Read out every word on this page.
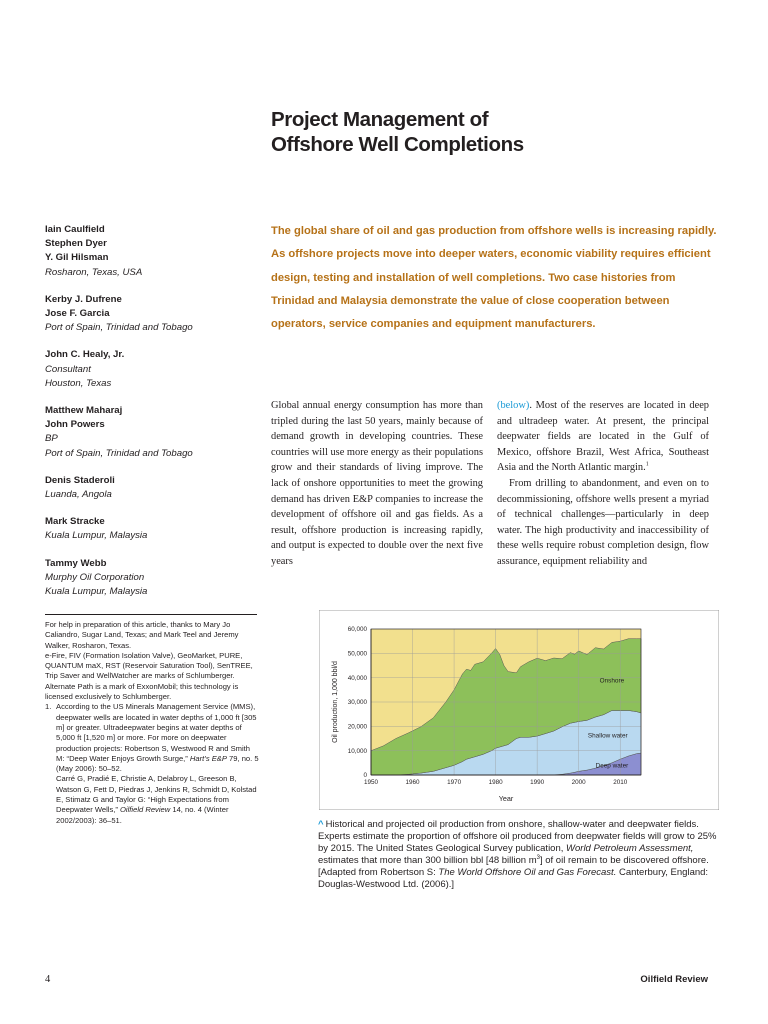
Project Management of
Offshore Well Completions
Iain Caulfield
Stephen Dyer
Y. Gil Hilsman
Rosharon, Texas, USA
Kerby J. Dufrene
Jose F. Garcia
Port of Spain, Trinidad and Tobago
John C. Healy, Jr.
Consultant
Houston, Texas
Matthew Maharaj
John Powers
BP
Port of Spain, Trinidad and Tobago
Denis Staderoli
Luanda, Angola
Mark Stracke
Kuala Lumpur, Malaysia
Tammy Webb
Murphy Oil Corporation
Kuala Lumpur, Malaysia

For help in preparation of this article, thanks to Mary Jo Caliandro, Sugar Land, Texas; and Mark Teel and Jeremy Walker, Rosharon, Texas.

e-Fire, FIV (Formation Isolation Valve), GeoMarket, PURE, QUANTUM maX, RST (Reservoir Saturation Tool), SenTREE, Trip Saver and WellWatcher are marks of Schlumberger.

Alternate Path is a mark of ExxonMobil; this technology is licensed exclusively to Schlumberger.

1. According to the US Minerals Management Service (MMS), deepwater wells are located in water depths of 1,000 ft [305 m] or greater. Ultradeepwater begins at water depths of 5,000 ft [1,520 m] or more. For more on deepwater production projects: Robertson S, Westwood R and Smith M: “Deep Water Enjoys Growth Surge,” Hart’s E&P 79, no. 5 (May 2006): 50–52.

Carré G, Pradié E, Christie A, Delabroy L, Greeson B, Watson G, Fett D, Piedras J, Jenkins R, Schmidt D, Kolstad E, Stimatz G and Taylor G: “High Expectations from Deepwater Wells,” Oilfield Review 14, no. 4 (Winter 2002/2003): 36–51.

The global share of oil and gas production from offshore wells is increasing rapidly. As offshore projects move into deeper waters, economic viability requires efficient design, testing and installation of well completions. Two case histories from Trinidad and Malaysia demonstrate the value of close cooperation between operators, service companies and equipment manufacturers.

Global annual energy consumption has more than tripled during the last 50 years, mainly because of demand growth in developing countries. These countries will use more energy as their populations grow and their standards of living improve. The lack of onshore opportunities to meet the growing demand has driven E&P companies to increase the development of offshore oil and gas fields. As a result, offshore production is increasing rapidly, and output is expected to double over the next five years

(below). Most of the reserves are located in deep and ultradeep water. At present, the principal deepwater fields are located in the Gulf of Mexico, offshore Brazil, West Africa, Southeast Asia and the North Atlantic margin.$^1$

From drilling to abandonment, and even on to decommissioning, offshore wells present a myriad of technical challenges—particularly in deep water. The high productivity and inaccessibility of these wells require robust completion design, flow assurance, equipment reliability and

0
10,000
20,000
30,000
40,000
50,000
60,000
1950	1960	1970	1980	1990	2000	2010
Year
Oil production, 1,000 bbl/d	Onshore
Shallow water
Deep water
^ Historical and projected oil production from onshore, shallow-water and deepwater fields. Experts estimate the proportion of offshore oil produced from deepwater fields will grow to 25% by 2015. The United States Geological Survey publication, World Petroleum Assessment, estimates that more than 300 billion bbl [48 billion $m^3$] of oil remain to be discovered offshore. [Adapted from Robertson S: The World Offshore Oil and Gas Forecast. Canterbury, England: Douglas-Westwood Ltd. (2006).]
4	Oilfield Review
